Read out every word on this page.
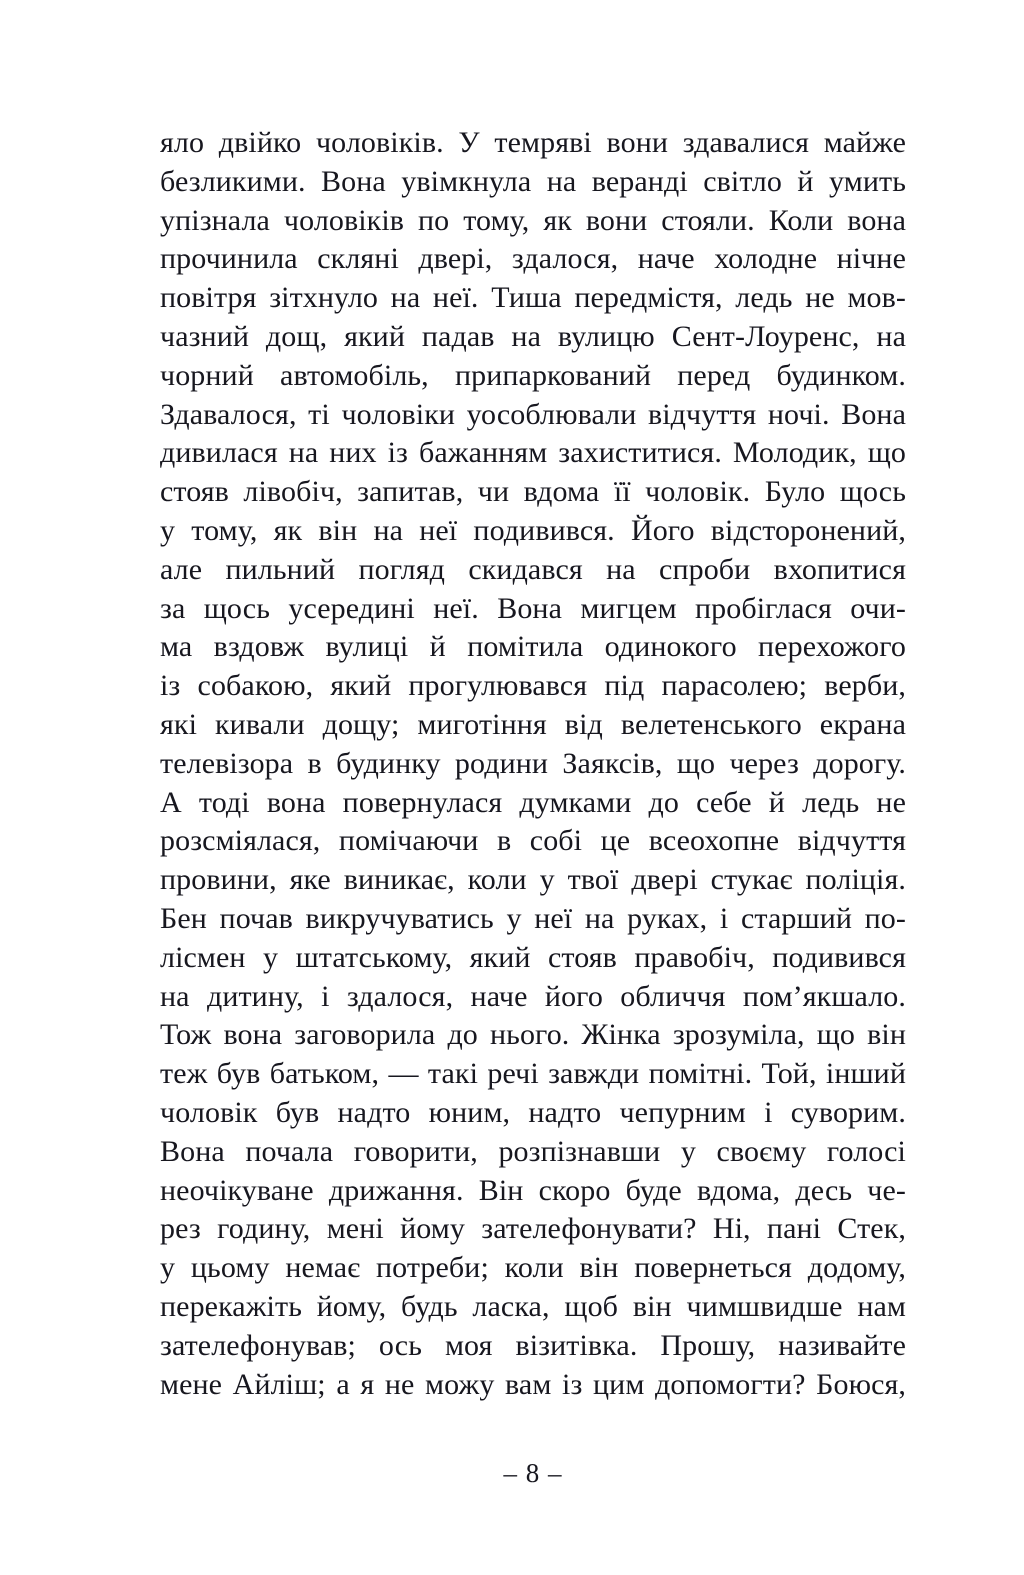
яло двійко чоловіків. У темряві вони здавалися майже
безликими. Вона увімкнула на веранді світло й умить
упізнала чоловіків по тому, як вони стояли. Коли вона
прочинила скляні двері, здалося, наче холодне нічне
повітря зітхнуло на неї. Тиша передмістя, ледь не мов-
чазний дощ, який падав на вулицю Сент-Лоуренс, на
чорний автомобіль, припаркований перед будинком.
Здавалося, ті чоловіки уособлювали відчуття ночі. Вона
дивилася на них із бажанням захиститися. Молодик, що
стояв лівобіч, запитав, чи вдома її чоловік. Було щось
у тому, як він на неї подивився. Його відсторонений,
але пильний погляд скидався на спроби вхопитися
за щось усередині неї. Вона мигцем пробіглася очи-
ма вздовж вулиці й помітила одинокого перехожого
із собакою, який прогулювався під парасолею; верби,
які кивали дощу; миготіння від велетенського екрана
телевізора в будинку родини Заяксів, що через дорогу.
А тоді вона повернулася думками до себе й ледь не
розсміялася, помічаючи в собі це всеохопне відчуття
провини, яке виникає, коли у твої двері стукає поліція.
Бен почав викручуватись у неї на руках, і старший по-
лісмен у штатському, який стояв правобіч, подивився
на дитину, і здалося, наче його обличчя пом’якшало.
Тож вона заговорила до нього. Жінка зрозуміла, що він
теж був батьком, — такі речі завжди помітні. Той, інший
чоловік був надто юним, надто чепурним і суворим.
Вона почала говорити, розпізнавши у своєму голосі
неочікуване дрижання. Він скоро буде вдома, десь че-
рез годину, мені йому зателефонувати? Ні, пані Стек,
у цьому немає потреби; коли він повернеться додому,
перекажіть йому, будь ласка, щоб він чимшвидше нам
зателефонував; ось моя візитівка. Прошу, називайте
мене Айліш; а я не можу вам із цим допомогти? Боюся,
– 8 –
